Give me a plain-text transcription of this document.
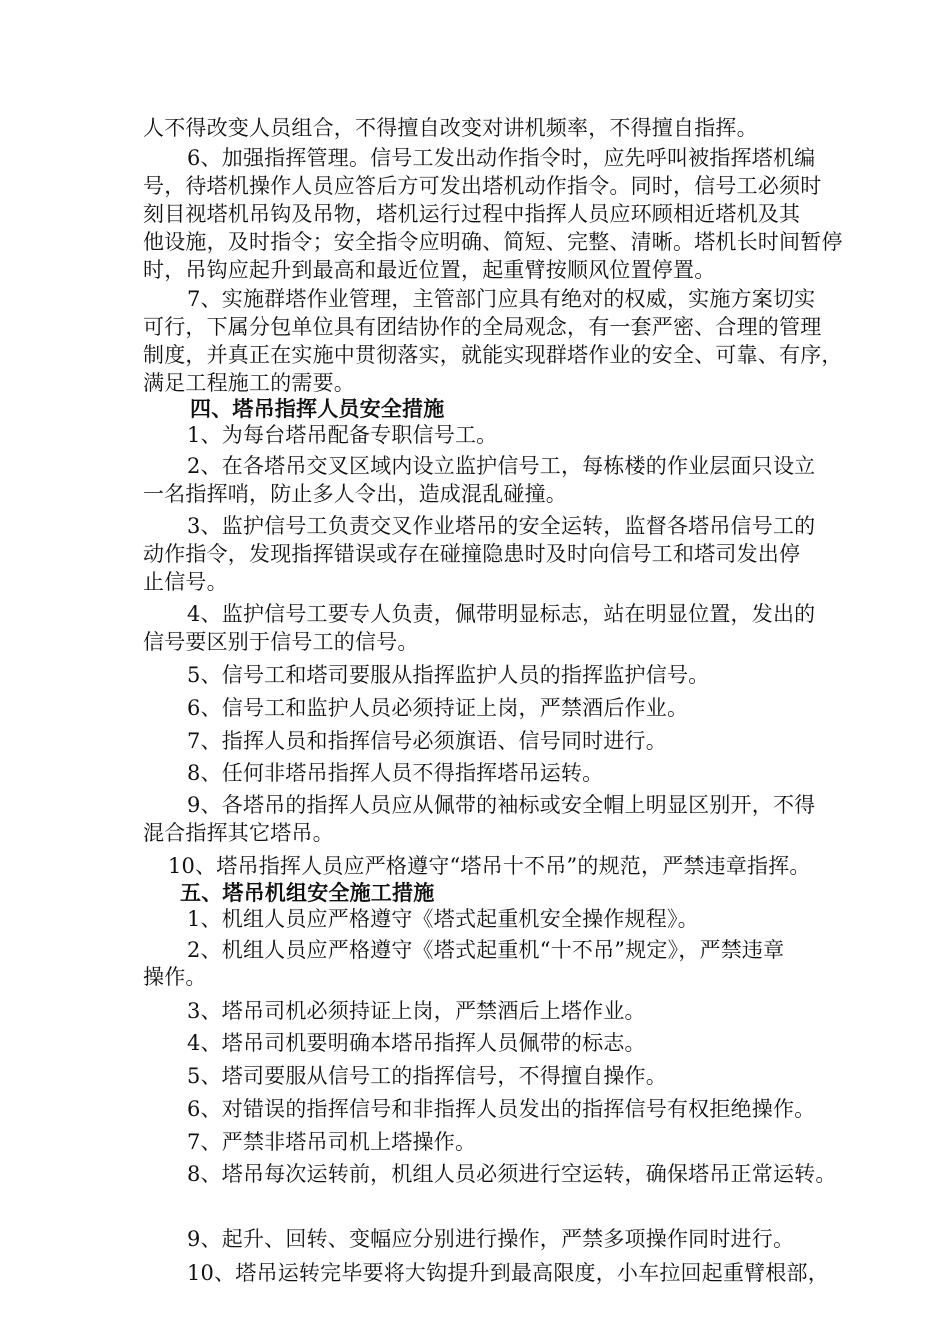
人不得改变人员组合，不得擅自改变对讲机频率，不得擅自指挥。
6、加强指挥管理。信号工发出动作指令时，应先呼叫被指挥塔机编
号，待塔机操作人员应答后方可发出塔机动作指令。同时，信号工必须时
刻目视塔机吊钩及吊物，塔机运行过程中指挥人员应环顾相近塔机及其
他设施，及时指令；安全指令应明确、简短、完整、清晰。塔机长时间暂停
时，吊钩应起升到最高和最近位置，起重臂按顺风位置停置。
7、实施群塔作业管理，主管部门应具有绝对的权威，实施方案切实
可行，下属分包单位具有团结协作的全局观念，有一套严密、合理的管理
制度，并真正在实施中贯彻落实，就能实现群塔作业的安全、可靠、有序，
满足工程施工的需要。
四、塔吊指挥人员安全措施
1、为每台塔吊配备专职信号工。
2、在各塔吊交叉区域内设立监护信号工，每栋楼的作业层面只设立
一名指挥哨，防止多人令出，造成混乱碰撞。
3、监护信号工负责交叉作业塔吊的安全运转，监督各塔吊信号工的
动作指令，发现指挥错误或存在碰撞隐患时及时向信号工和塔司发出停
止信号。
4、监护信号工要专人负责，佩带明显标志，站在明显位置，发出的
信号要区别于信号工的信号。
5、信号工和塔司要服从指挥监护人员的指挥监护信号。
6、信号工和监护人员必须持证上岗，严禁酒后作业。
7、指挥人员和指挥信号必须旗语、信号同时进行。
8、任何非塔吊指挥人员不得指挥塔吊运转。
9、各塔吊的指挥人员应从佩带的袖标或安全帽上明显区别开，不得
混合指挥其它塔吊。
10、塔吊指挥人员应严格遵守“塔吊十不吊”的规范，严禁违章指挥。
五、塔吊机组安全施工措施
1、机组人员应严格遵守《塔式起重机安全操作规程》。
2、机组人员应严格遵守《塔式起重机“十不吊”规定》，严禁违章
操作。
3、塔吊司机必须持证上岗，严禁酒后上塔作业。
4、塔吊司机要明确本塔吊指挥人员佩带的标志。
5、塔司要服从信号工的指挥信号，不得擅自操作。
6、对错误的指挥信号和非指挥人员发出的指挥信号有权拒绝操作。
7、严禁非塔吊司机上塔操作。
8、塔吊每次运转前，机组人员必须进行空运转，确保塔吊正常运转。
9、起升、回转、变幅应分别进行操作，严禁多项操作同时进行。
10、塔吊运转完毕要将大钩提升到最高限度，小车拉回起重臂根部，
